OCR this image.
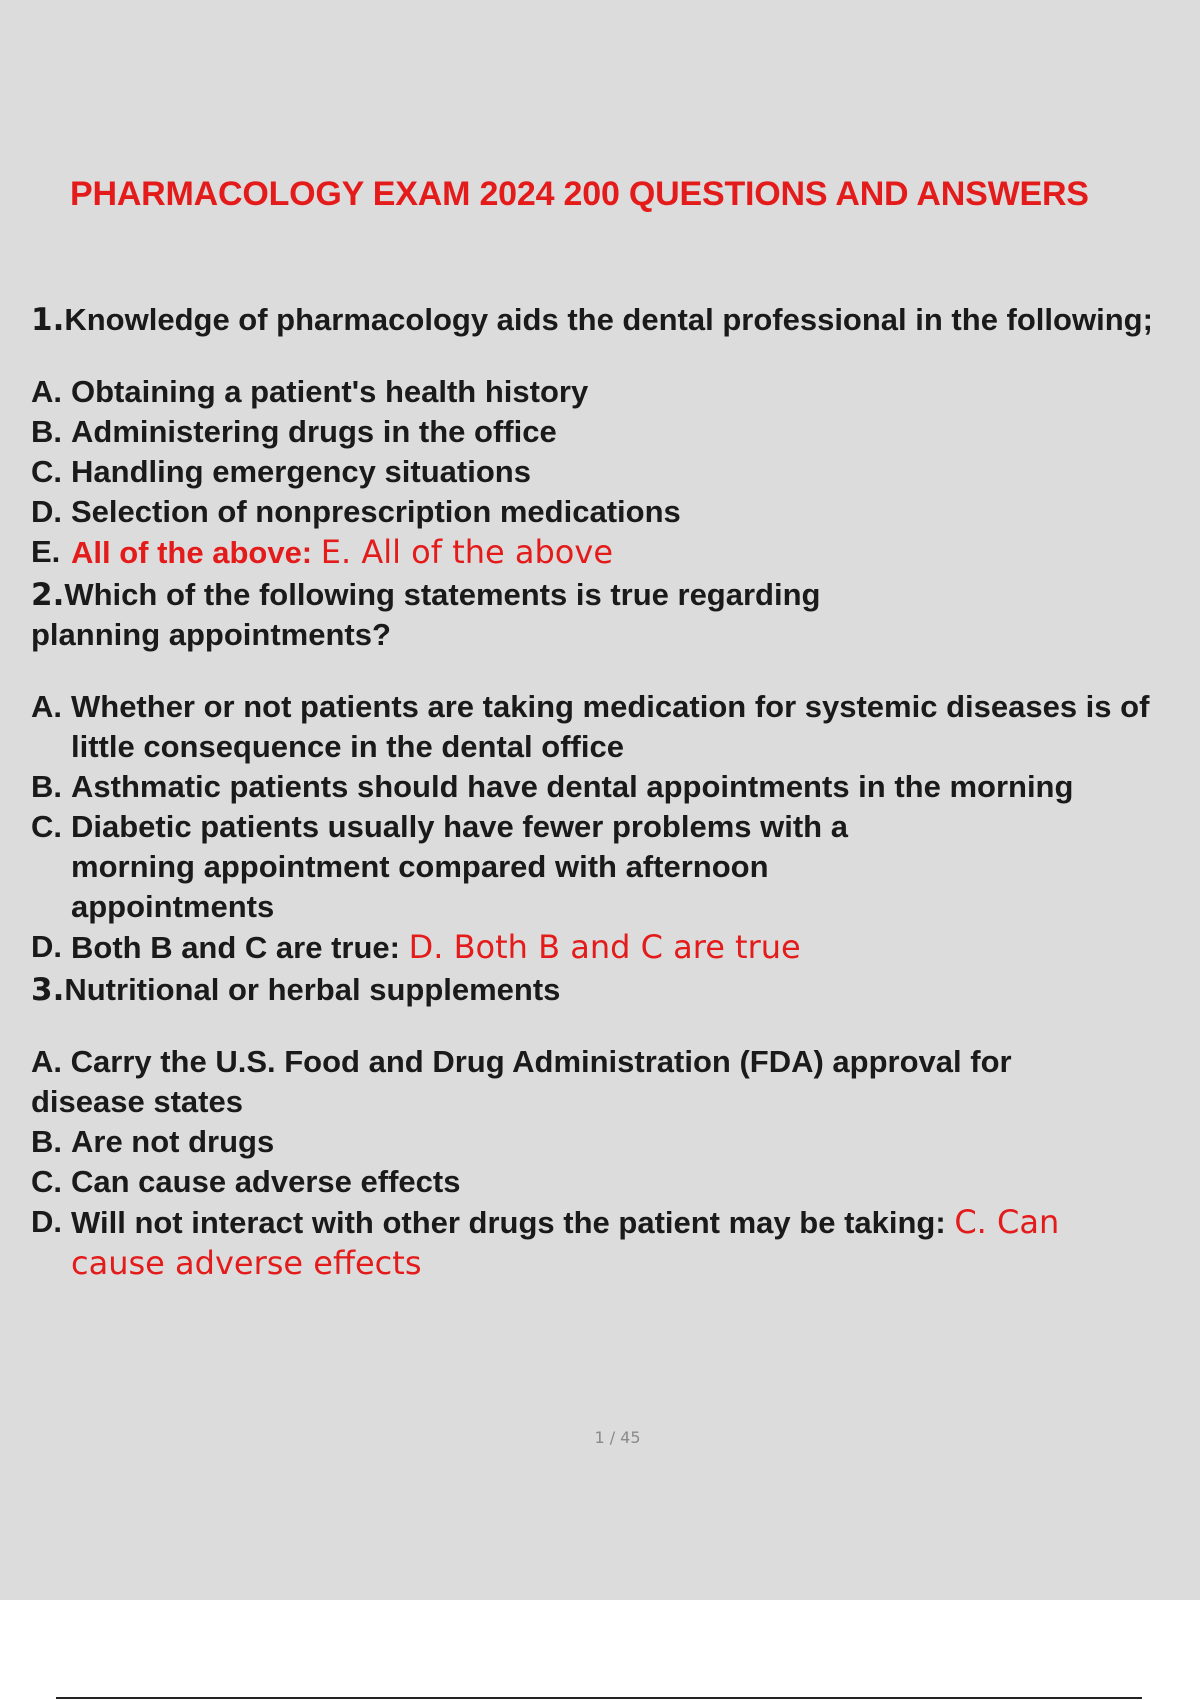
PHARMACOLOGY EXAM 2024 200 QUESTIONS AND ANSWERS

1.Knowledge of pharmacology aids the dental professional in the following;

A. Obtaining a patient's health history
B. Administering drugs in the office
C. Handling emergency situations
D. Selection of nonprescription medications
E. All of the above: E. All of the above

2.Which of the following statements is true regarding planning appointments?

A. Whether or not patients are taking medication for systemic diseases is of little consequence in the dental office
B. Asthmatic patients should have dental appointments in the morning
C. Diabetic patients usually have fewer problems with a morning appointment compared with afternoon appointments
D. Both B and C are true: D. Both B and C are true

3.Nutritional or herbal supplements

A. Carry the U.S. Food and Drug Administration (FDA) approval for disease states
B. Are not drugs
C. Can cause adverse effects
D. Will not interact with other drugs the patient may be taking: C. Can cause adverse effects
1 / 45
